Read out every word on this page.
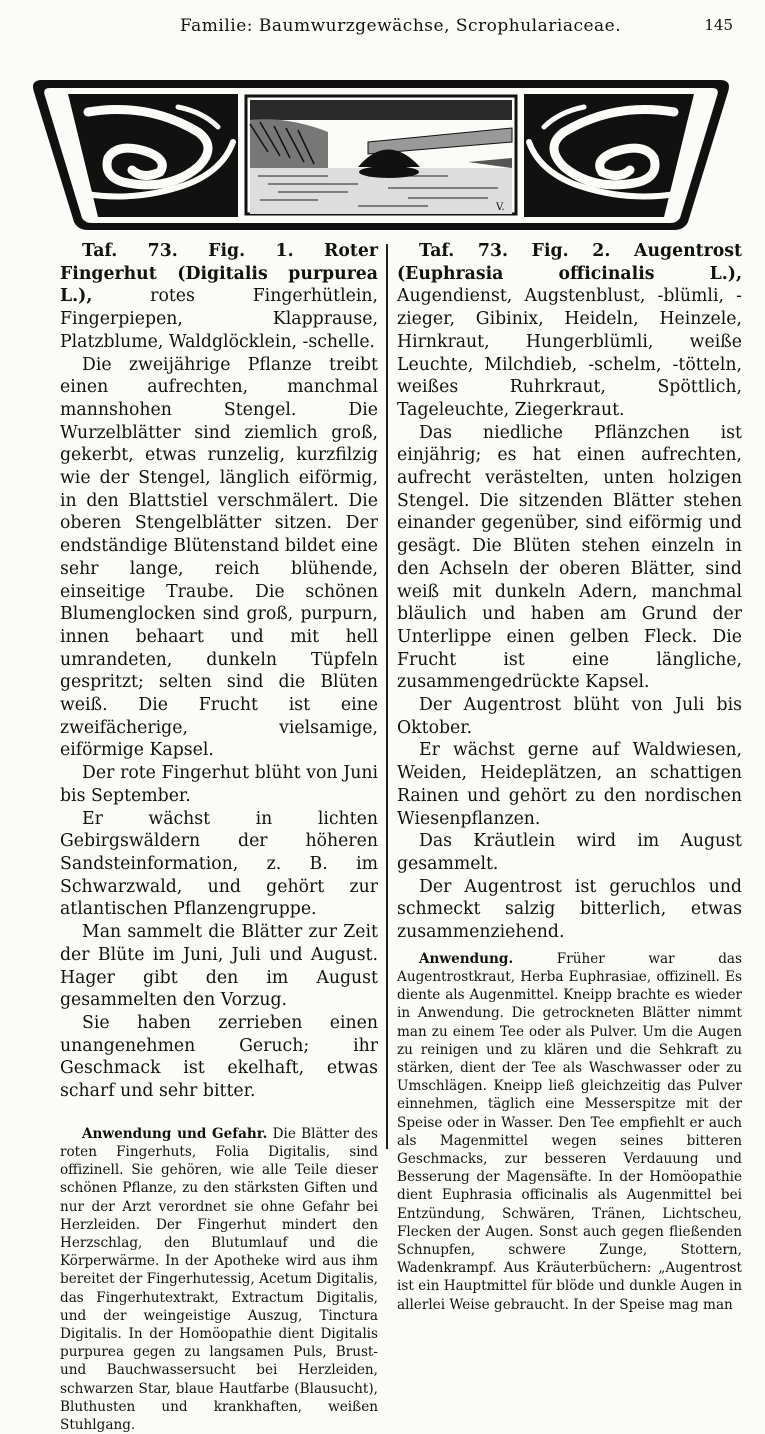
Familie: Baumwurzgewächse, Scrophulariaceae.	145
V.

Taf. 73. Fig. 1. Roter Fingerhut (Digitalis purpurea L.), rotes Fingerhütlein, Fingerpiepen, Klapprause, Platzblume, Waldglöcklein, -schelle.

Die zweijährige Pflanze treibt einen aufrechten, manchmal mannshohen Stengel. Die Wurzelblätter sind ziemlich groß, gekerbt, etwas runzelig, kurzfilzig wie der Stengel, länglich eiförmig, in den Blattstiel verschmälert. Die oberen Stengelblätter sitzen. Der endständige Blütenstand bildet eine sehr lange, reich blühende, einseitige Traube. Die schönen Blumenglocken sind groß, purpurn, innen behaart und mit hell umrandeten, dunkeln Tüpfeln gespritzt; selten sind die Blüten weiß. Die Frucht ist eine zweifächerige, vielsamige, eiförmige Kapsel.

Der rote Fingerhut blüht von Juni bis September.

Er wächst in lichten Gebirgswäldern der höheren Sandsteinformation, z. B. im Schwarzwald, und gehört zur atlantischen Pflanzengruppe.

Man sammelt die Blätter zur Zeit der Blüte im Juni, Juli und August. Hager gibt den im August gesammelten den Vorzug.

Sie haben zerrieben einen unangenehmen Geruch; ihr Geschmack ist ekelhaft, etwas scharf und sehr bitter.

Anwendung und Gefahr. Die Blätter des roten Fingerhuts, Folia Digitalis, sind offizinell. Sie gehören, wie alle Teile dieser schönen Pflanze, zu den stärksten Giften und nur der Arzt verordnet sie ohne Gefahr bei Herzleiden. Der Fingerhut mindert den Herzschlag, den Blutumlauf und die Körperwärme. In der Apotheke wird aus ihm bereitet der Fingerhutessig, Acetum Digitalis, das Fingerhutextrakt, Extractum Digitalis, und der weingeistige Auszug, Tinctura Digitalis. In der Homöopathie dient Digitalis purpurea gegen zu langsamen Puls, Brust- und Bauchwassersucht bei Herzleiden, schwarzen Star, blaue Hautfarbe (Blausucht), Bluthusten und krankhaften, weißen Stuhlgang.

Taf. 73. Fig. 2. Augentrost (Euphrasia officinalis L.), Augendienst, Augstenblust, -blümli, -zieger, Gibinix, Heideln, Heinzele, Hirnkraut, Hungerblümli, weiße Leuchte, Milchdieb, -schelm, -tötteln, weißes Ruhrkraut, Spöttlich, Tageleuchte, Ziegerkraut.

Das niedliche Pflänzchen ist einjährig; es hat einen aufrechten, aufrecht verästelten, unten holzigen Stengel. Die sitzenden Blätter stehen einander gegenüber, sind eiförmig und gesägt. Die Blüten stehen einzeln in den Achseln der oberen Blätter, sind weiß mit dunkeln Adern, manchmal bläulich und haben am Grund der Unterlippe einen gelben Fleck. Die Frucht ist eine längliche, zusammengedrückte Kapsel.

Der Augentrost blüht von Juli bis Oktober.

Er wächst gerne auf Waldwiesen, Weiden, Heideplätzen, an schattigen Rainen und gehört zu den nordischen Wiesenpflanzen.

Das Kräutlein wird im August gesammelt.

Der Augentrost ist geruchlos und schmeckt salzig bitterlich, etwas zusammenziehend.

Anwendung. Früher war das Augentrostkraut, Herba Euphrasiae, offizinell. Es diente als Augenmittel. Kneipp brachte es wieder in Anwendung. Die getrockneten Blätter nimmt man zu einem Tee oder als Pulver. Um die Augen zu reinigen und zu klären und die Sehkraft zu stärken, dient der Tee als Waschwasser oder zu Umschlägen. Kneipp ließ gleichzeitig das Pulver einnehmen, täglich eine Messerspitze mit der Speise oder in Wasser. Den Tee empfiehlt er auch als Magenmittel wegen seines bitteren Geschmacks, zur besseren Verdauung und Besserung der Magensäfte. In der Homöopathie dient Euphrasia officinalis als Augenmittel bei Entzündung, Schwären, Tränen, Lichtscheu, Flecken der Augen. Sonst auch gegen fließenden Schnupfen, schwere Zunge, Stottern, Wadenkrampf. Aus Kräuterbüchern: „Augentrost ist ein Hauptmittel für blöde und dunkle Augen in allerlei Weise gebraucht. In der Speise mag man
